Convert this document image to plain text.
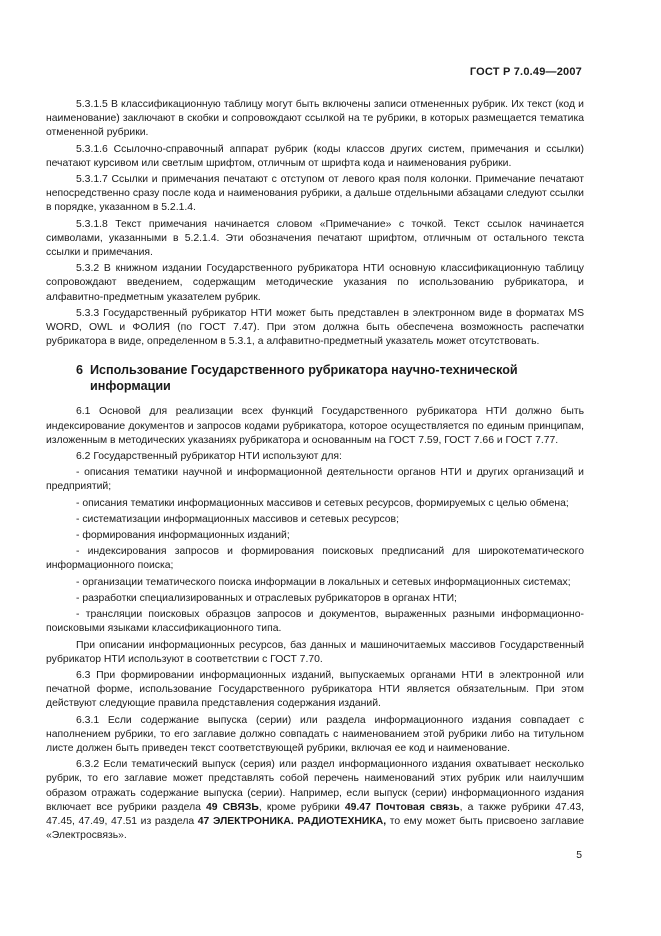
ГОСТ Р 7.0.49—2007

5.3.1.5 В классификационную таблицу могут быть включены записи отмененных рубрик. Их текст (код и наименование) заключают в скобки и сопровождают ссылкой на те рубрики, в которых размещается тематика отмененной рубрики.

5.3.1.6 Ссылочно-справочный аппарат рубрик (коды классов других систем, примечания и ссылки) печатают курсивом или светлым шрифтом, отличным от шрифта кода и наименования рубрики.

5.3.1.7 Ссылки и примечания печатают с отступом от левого края поля колонки. Примечание печатают непосредственно сразу после кода и наименования рубрики, а дальше отдельными абзацами следуют ссылки в порядке, указанном в 5.2.1.4.

5.3.1.8 Текст примечания начинается словом «Примечание» с точкой. Текст ссылок начинается символами, указанными в 5.2.1.4. Эти обозначения печатают шрифтом, отличным от остального текста ссылки и примечания.

5.3.2 В книжном издании Государственного рубрикатора НТИ основную классификационную таблицу сопровождают введением, содержащим методические указания по использованию рубрикатора, и алфавитно-предметным указателем рубрик.

5.3.3 Государственный рубрикатор НТИ может быть представлен в электронном виде в форматах MS WORD, OWL и ФОЛИЯ (по ГОСТ 7.47). При этом должна быть обеспечена возможность распечатки рубрикатора в виде, определенном в 5.3.1, а алфавитно-предметный указатель может отсутствовать.

6 Использование Государственного рубрикатора научно-технической информации

6.1 Основой для реализации всех функций Государственного рубрикатора НТИ должно быть индексирование документов и запросов кодами рубрикатора, которое осуществляется по единым принципам, изложенным в методических указаниях рубрикатора и основанным на ГОСТ 7.59, ГОСТ 7.66 и ГОСТ 7.77.

6.2 Государственный рубрикатор НТИ используют для:

- описания тематики научной и информационной деятельности органов НТИ и других организаций и предприятий;

- описания тематики информационных массивов и сетевых ресурсов, формируемых с целью обмена;

- систематизации информационных массивов и сетевых ресурсов;

- формирования информационных изданий;

- индексирования запросов и формирования поисковых предписаний для широкотематического информационного поиска;

- организации тематического поиска информации в локальных и сетевых информационных системах;

- разработки специализированных и отраслевых рубрикаторов в органах НТИ;

- трансляции поисковых образцов запросов и документов, выраженных разными информационно-поисковыми языками классификационного типа.

При описании информационных ресурсов, баз данных и машиночитаемых массивов Государственный рубрикатор НТИ используют в соответствии с ГОСТ 7.70.

6.3 При формировании информационных изданий, выпускаемых органами НТИ в электронной или печатной форме, использование Государственного рубрикатора НТИ является обязательным. При этом действуют следующие правила представления содержания изданий.

6.3.1 Если содержание выпуска (серии) или раздела информационного издания совпадает с наполнением рубрики, то его заглавие должно совпадать с наименованием этой рубрики либо на титульном листе должен быть приведен текст соответствующей рубрики, включая ее код и наименование.

6.3.2 Если тематический выпуск (серия) или раздел информационного издания охватывает несколько рубрик, то его заглавие может представлять собой перечень наименований этих рубрик или наилучшим образом отражать содержание выпуска (серии). Например, если выпуск (серии) информационного издания включает все рубрики раздела 49 СВЯЗЬ, кроме рубрики 49.47 Почтовая связь, а также рубрики 47.43, 47.45, 47.49, 47.51 из раздела 47 ЭЛЕКТРОНИКА. РАДИОТЕХНИКА, то ему может быть присвоено заглавие «Электросвязь».

5
